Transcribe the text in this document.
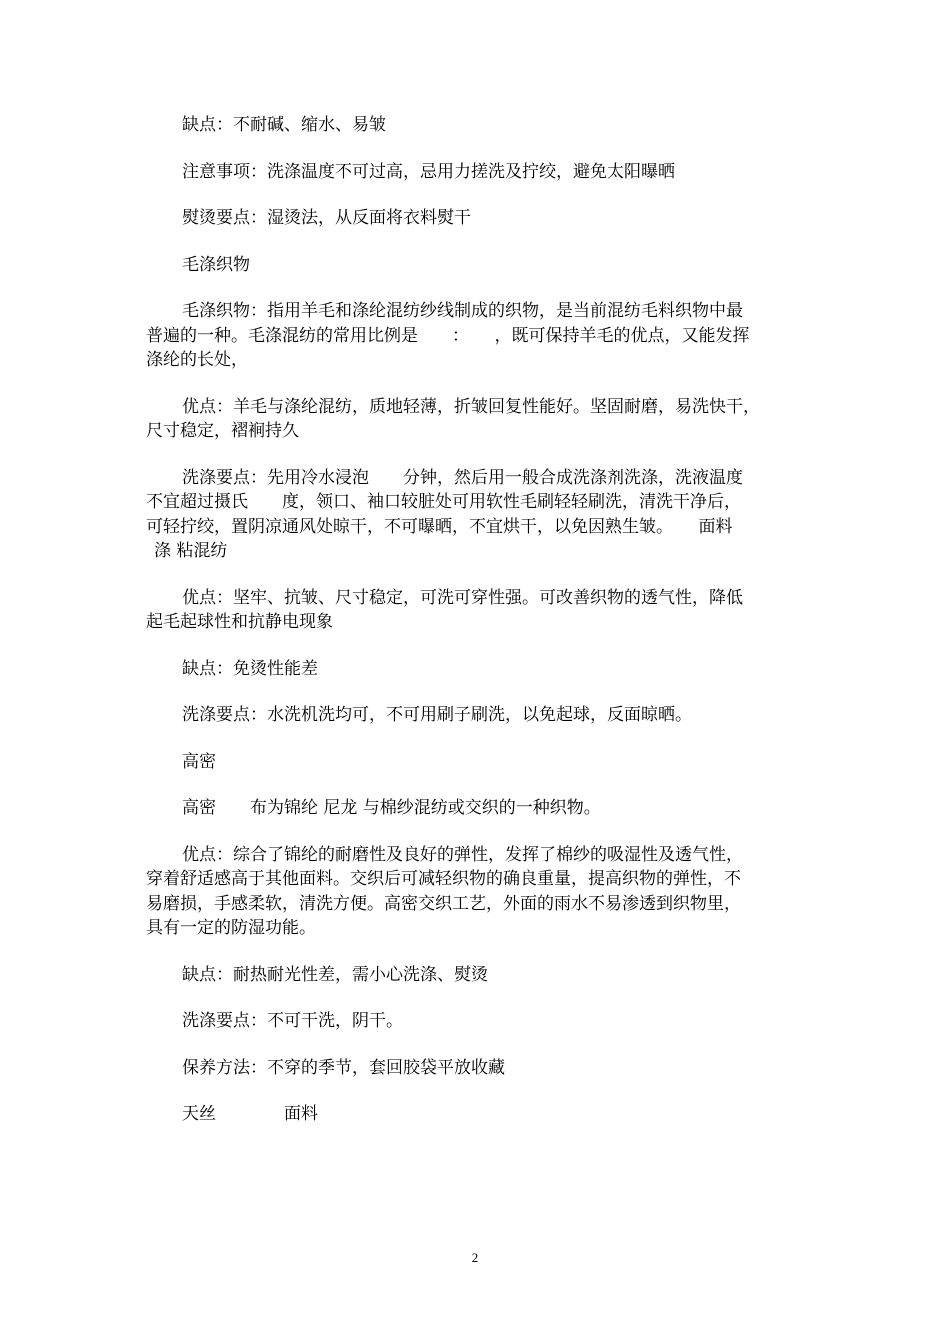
缺点：不耐碱、缩水、易皱

注意事项：洗涤温度不可过高，忌用力搓洗及拧绞，避免太阳曝晒

熨烫要点：湿烫法，从反面将衣料熨干

毛涤织物

毛涤织物：指用羊毛和涤纶混纺纱线制成的织物，是当前混纺毛料织物中最
普遍的一种。毛涤混纺的常用比例是　　：　　，既可保持羊毛的优点，又能发挥
涤纶的长处，

优点：羊毛与涤纶混纺，质地轻薄，折皱回复性能好。坚固耐磨，易洗快干，
尺寸稳定，褶裥持久

洗涤要点：先用冷水浸泡　　分钟，然后用一般合成洗涤剂洗涤，洗液温度
不宜超过摄氏　　度，领口、袖口较脏处可用软性毛刷轻轻刷洗，清洗干净后，
可轻拧绞，置阴凉通风处晾干，不可曝晒，不宜烘干，以免因熟生皱。　　面料
涤 粘混纺

优点：坚牢、抗皱、尺寸稳定，可洗可穿性强。可改善织物的透气性，降低
起毛起球性和抗静电现象

缺点：免烫性能差

洗涤要点：水洗机洗均可，不可用刷子刷洗，以免起球，反面晾晒。

高密

高密　　布为锦纶 尼龙 与棉纱混纺或交织的一种织物。

优点：综合了锦纶的耐磨性及良好的弹性，发挥了棉纱的吸湿性及透气性，
穿着舒适感高于其他面料。交织后可减轻织物的确良重量，提高织物的弹性，不
易磨损，手感柔软，清洗方便。高密交织工艺，外面的雨水不易渗透到织物里，
具有一定的防湿功能。

缺点：耐热耐光性差，需小心洗涤、熨烫

洗涤要点：不可干洗，阴干。

保养方法：不穿的季节，套回胶袋平放收藏

天丝　　　　面料

2
